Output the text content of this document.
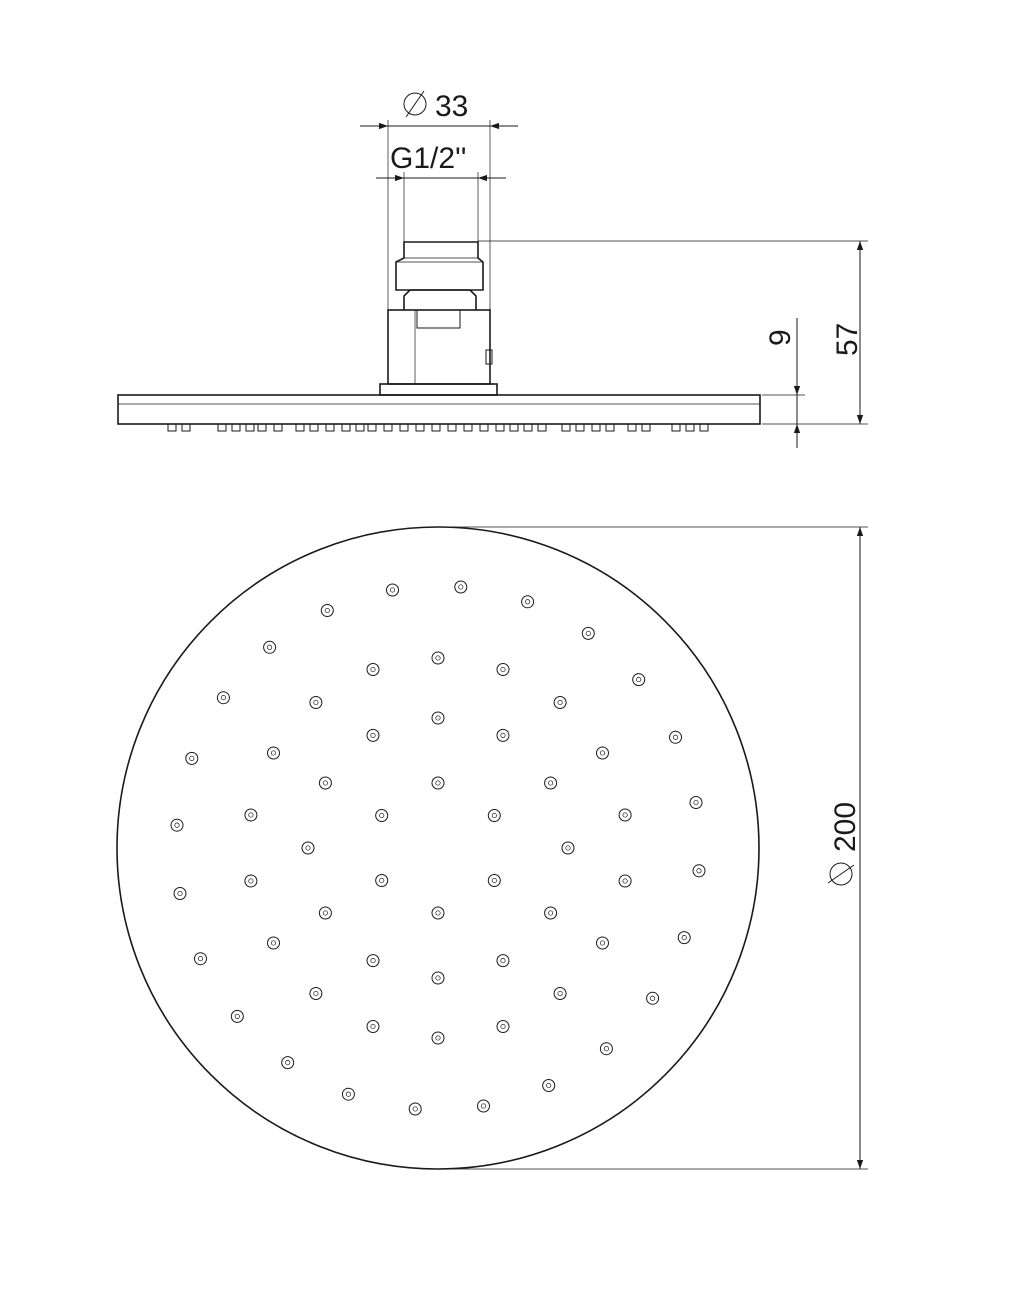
33
G1/2''
57
9
200
